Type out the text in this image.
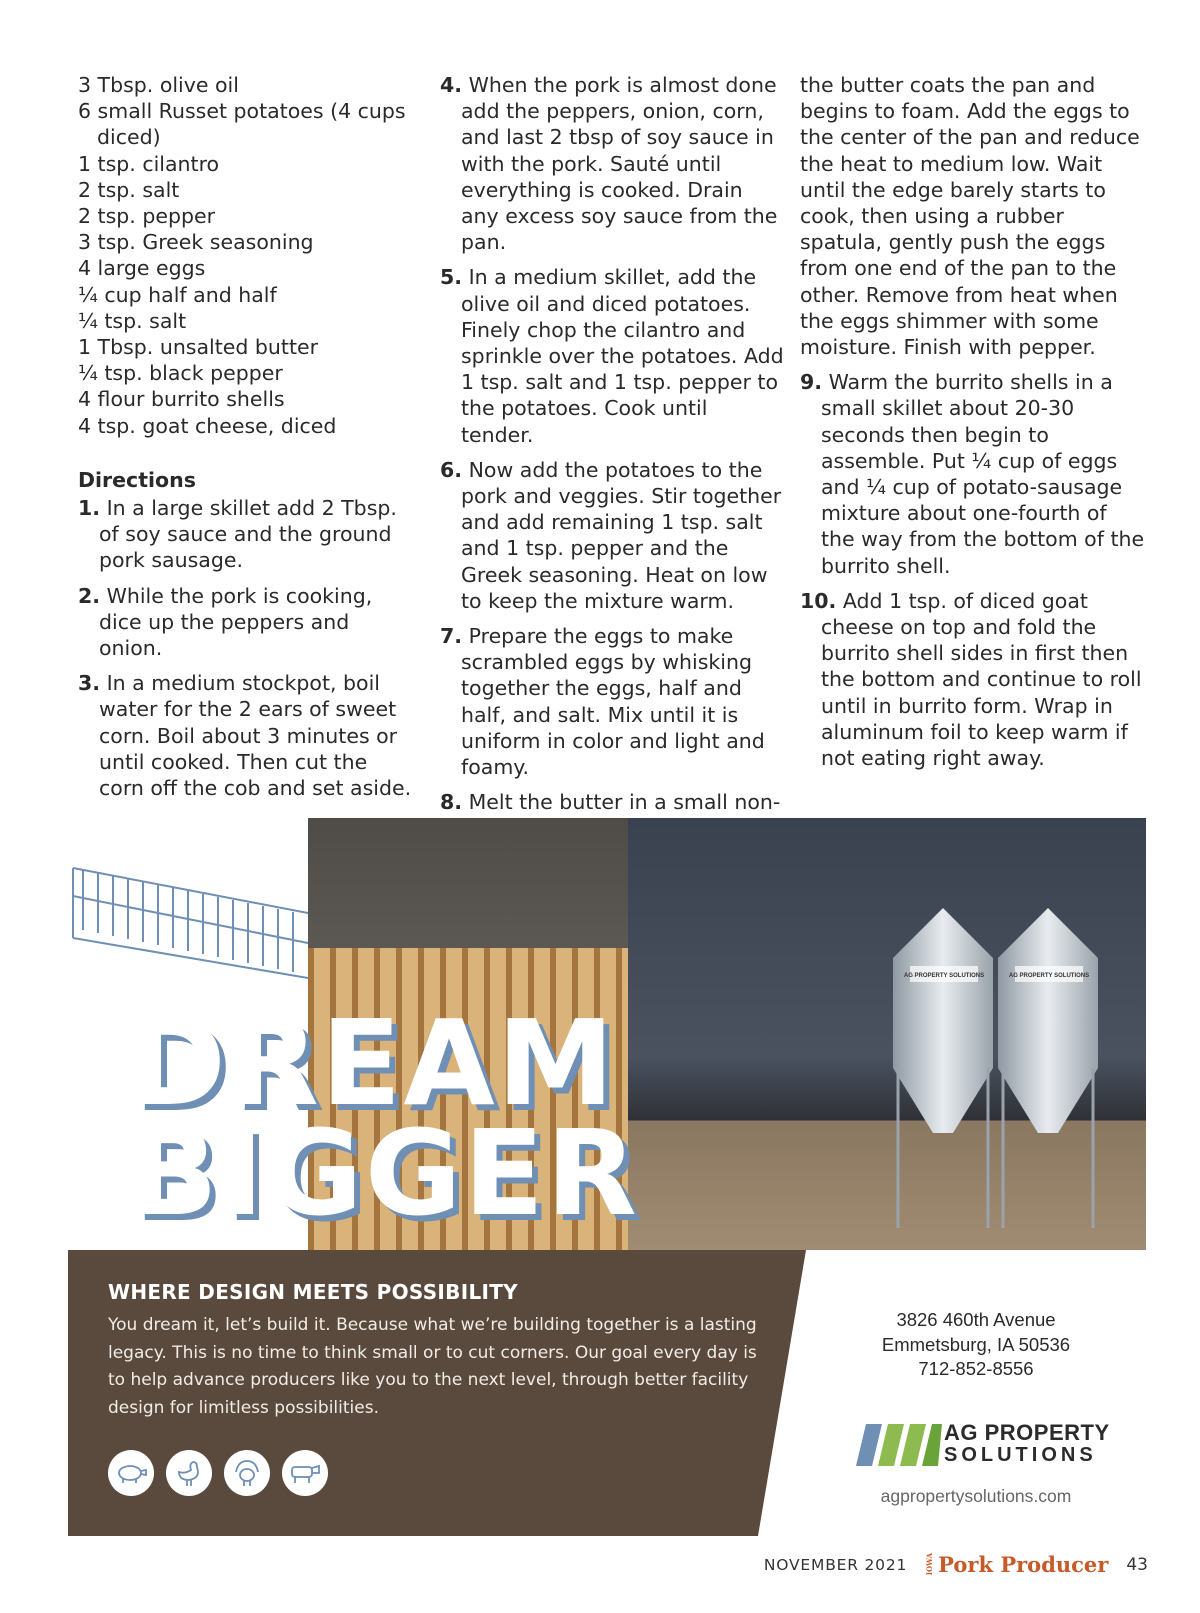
3 Tbsp. olive oil
6 small Russet potatoes (4 cups diced)
1 tsp. cilantro
2 tsp. salt
2 tsp. pepper
3 tsp. Greek seasoning
4 large eggs
¼ cup half and half
¼ tsp. salt
1 Tbsp. unsalted butter
¼ tsp. black pepper
4 flour burrito shells
4 tsp. goat cheese, diced
Directions
1. In a large skillet add 2 Tbsp. of soy sauce and the ground pork sausage.
2. While the pork is cooking, dice up the peppers and onion.
3. In a medium stockpot, boil water for the 2 ears of sweet corn. Boil about 3 minutes or until cooked. Then cut the corn off the cob and set aside.
4. When the pork is almost done add the peppers, onion, corn, and last 2 tbsp of soy sauce in with the pork. Sauté until everything is cooked. Drain any excess soy sauce from the pan.
5. In a medium skillet, add the olive oil and diced potatoes. Finely chop the cilantro and sprinkle over the potatoes. Add 1 tsp. salt and 1 tsp. pepper to the potatoes. Cook until tender.
6. Now add the potatoes to the pork and veggies. Stir together and add remaining 1 tsp. salt and 1 tsp. pepper and the Greek seasoning. Heat on low to keep the mixture warm.
7. Prepare the eggs to make scrambled eggs by whisking together the eggs, half and half, and salt. Mix until it is uniform in color and light and foamy.
8. Melt the butter in a small non-

the butter coats the pan and begins to foam. Add the eggs to the center of the pan and reduce the heat to medium low. Wait until the edge barely starts to cook, then using a rubber spatula, gently push the eggs from one end of the pan to the other. Remove from heat when the eggs shimmer with some moisture. Finish with pepper.

9. Warm the burrito shells in a small skillet about 20-30 seconds then begin to assemble. Put ¼ cup of eggs and ¼ cup of potato-sausage mixture about one-fourth of the way from the bottom of the burrito shell.
10. Add 1 tsp. of diced goat cheese on top and fold the burrito shell sides in first then the bottom and continue to roll until in burrito form. Wrap in aluminum foil to keep warm if not eating right away.
AG PROPERTY SOLUTIONS	AG PROPERTY SOLUTIONS
DREAM
BIGGER
WHERE DESIGN MEETS POSSIBILITY
You dream it, let’s build it. Because what we’re building together is a lasting legacy. This is no time to think small or to cut corners. Our goal every day is to help advance producers like you to the next level, through better facility design for limitless possibilities.
3826 460th Avenue
Emmetsburg, IA 50536
712-852-8556
AG PROPERTY
SOLUTIONS
agpropertysolutions.com
NOVEMBER 2021	IOWA Pork Producer 43
